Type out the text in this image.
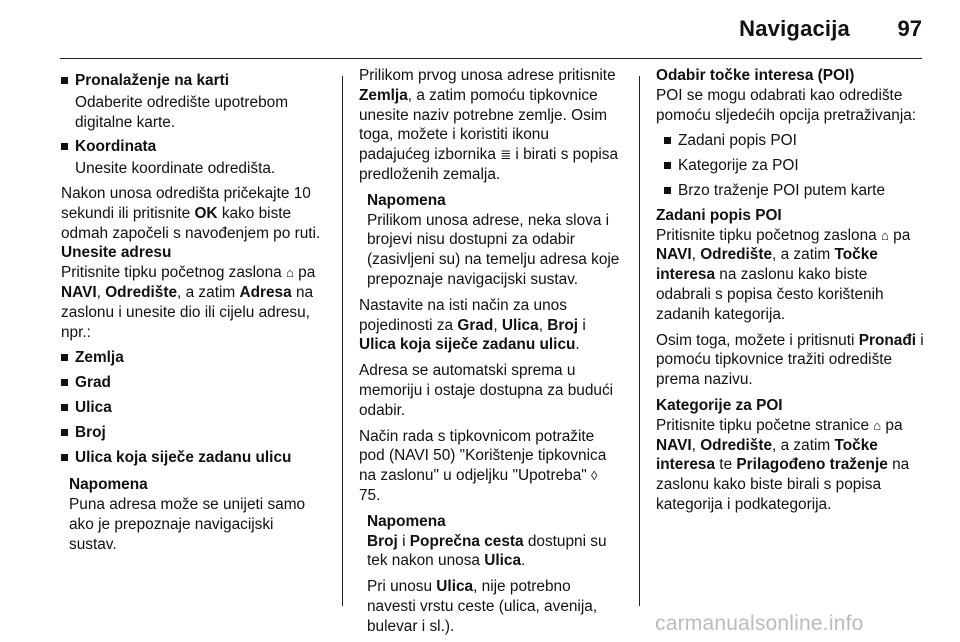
Navigacija 97

Pronalaženje na karti

Odaberite odredište upotrebom digitalne karte.

Koordinata

Unesite koordinate odredišta.

Nakon unosa odredišta pričekajte 10 sekundi ili pritisnite OK kako biste odmah započeli s navođenjem po ruti.

Unesite adresu

Pritisnite tipku početnog zaslona ⌂ pa NAVI, Odredište, a zatim Adresa na zaslonu i unesite dio ili cijelu adresu, npr.:

Zemlja

Grad

Ulica

Broj

Ulica koja siječe zadanu ulicu

Napomena

Puna adresa može se unijeti samo ako je prepoznaje navigacijski sustav.

Prilikom prvog unosa adrese pritisnite Zemlja, a zatim pomoću tipkovnice unesite naziv potrebne zemlje. Osim toga, možete i koristiti ikonu padajućeg izbornika ≣ i birati s popisa predloženih zemalja.

Napomena

Prilikom unosa adrese, neka slova i brojevi nisu dostupni za odabir (zasivljeni su) na temelju adresa koje prepoznaje navigacijski sustav.

Nastavite na isti način za unos pojedinosti za Grad, Ulica, Broj i Ulica koja siječe zadanu ulicu.

Adresa se automatski sprema u memoriju i ostaje dostupna za budući odabir.

Način rada s tipkovnicom potražite pod (NAVI 50) "Korištenje tipkovnica na zaslonu" u odjeljku "Upotreba" ◊ 75.

Napomena

Broj i Poprečna cesta dostupni su tek nakon unosa Ulica.

Pri unosu Ulica, nije potrebno navesti vrstu ceste (ulica, avenija, bulevar i sl.).

Odabir točke interesa (POI)

POI se mogu odabrati kao odredište pomoću sljedećih opcija pretraživanja:

Zadani popis POI

Kategorije za POI

Brzo traženje POI putem karte

Zadani popis POI

Pritisnite tipku početnog zaslona ⌂ pa NAVI, Odredište, a zatim Točke interesa na zaslonu kako biste odabrali s popisa često korištenih zadanih kategorija.

Osim toga, možete i pritisnuti Pronađi i pomoću tipkovnice tražiti odredište prema nazivu.

Kategorije za POI

Pritisnite tipku početne stranice ⌂ pa NAVI, Odredište, a zatim Točke interesa te Prilagođeno traženje na zaslonu kako biste birali s popisa kategorija i podkategorija.

carmanualsonline.info
